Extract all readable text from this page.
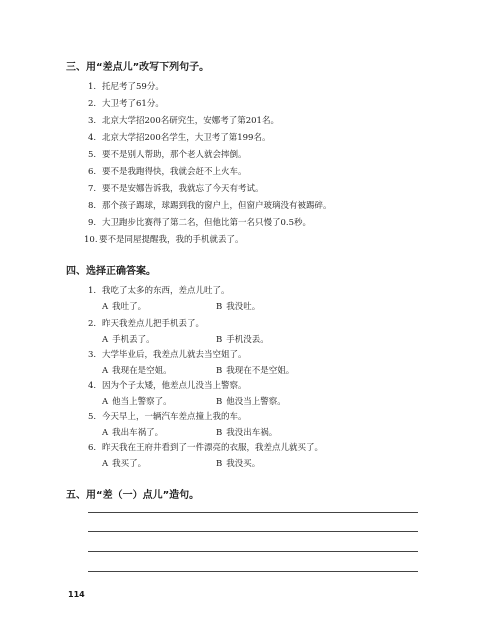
三、用“差点儿”改写下列句子。
1. 托尼考了59分。
2. 大卫考了61分。
3. 北京大学招200名研究生，安娜考了第201名。
4. 北京大学招200名学生，大卫考了第199名。
5. 要不是别人帮助，那个老人就会摔倒。
6. 要不是我跑得快，我就会赶不上火车。
7. 要不是安娜告诉我，我就忘了今天有考试。
8. 那个孩子踢球，球踢到我的窗户上，但窗户玻璃没有被踢碎。
9. 大卫跑步比赛得了第二名，但他比第一名只慢了0.5秒。
10.要不是同屋提醒我，我的手机就丢了。
四、选择正确答案。
1. 我吃了太多的东西，差点儿吐了。
A 我吐了。	B 我没吐。
2. 昨天我差点儿把手机丢了。
A 手机丢了。	B 手机没丢。
3. 大学毕业后，我差点儿就去当空姐了。
A 我现在是空姐。	B 我现在不是空姐。
4. 因为个子太矮，他差点儿没当上警察。
A 他当上警察了。	B 他没当上警察。
5. 今天早上，一辆汽车差点撞上我的车。
A 我出车祸了。	B 我没出车祸。
6. 昨天我在王府井看到了一件漂亮的衣服，我差点儿就买了。
A 我买了。	B 我没买。
五、用“差（一）点儿”造句。
114
